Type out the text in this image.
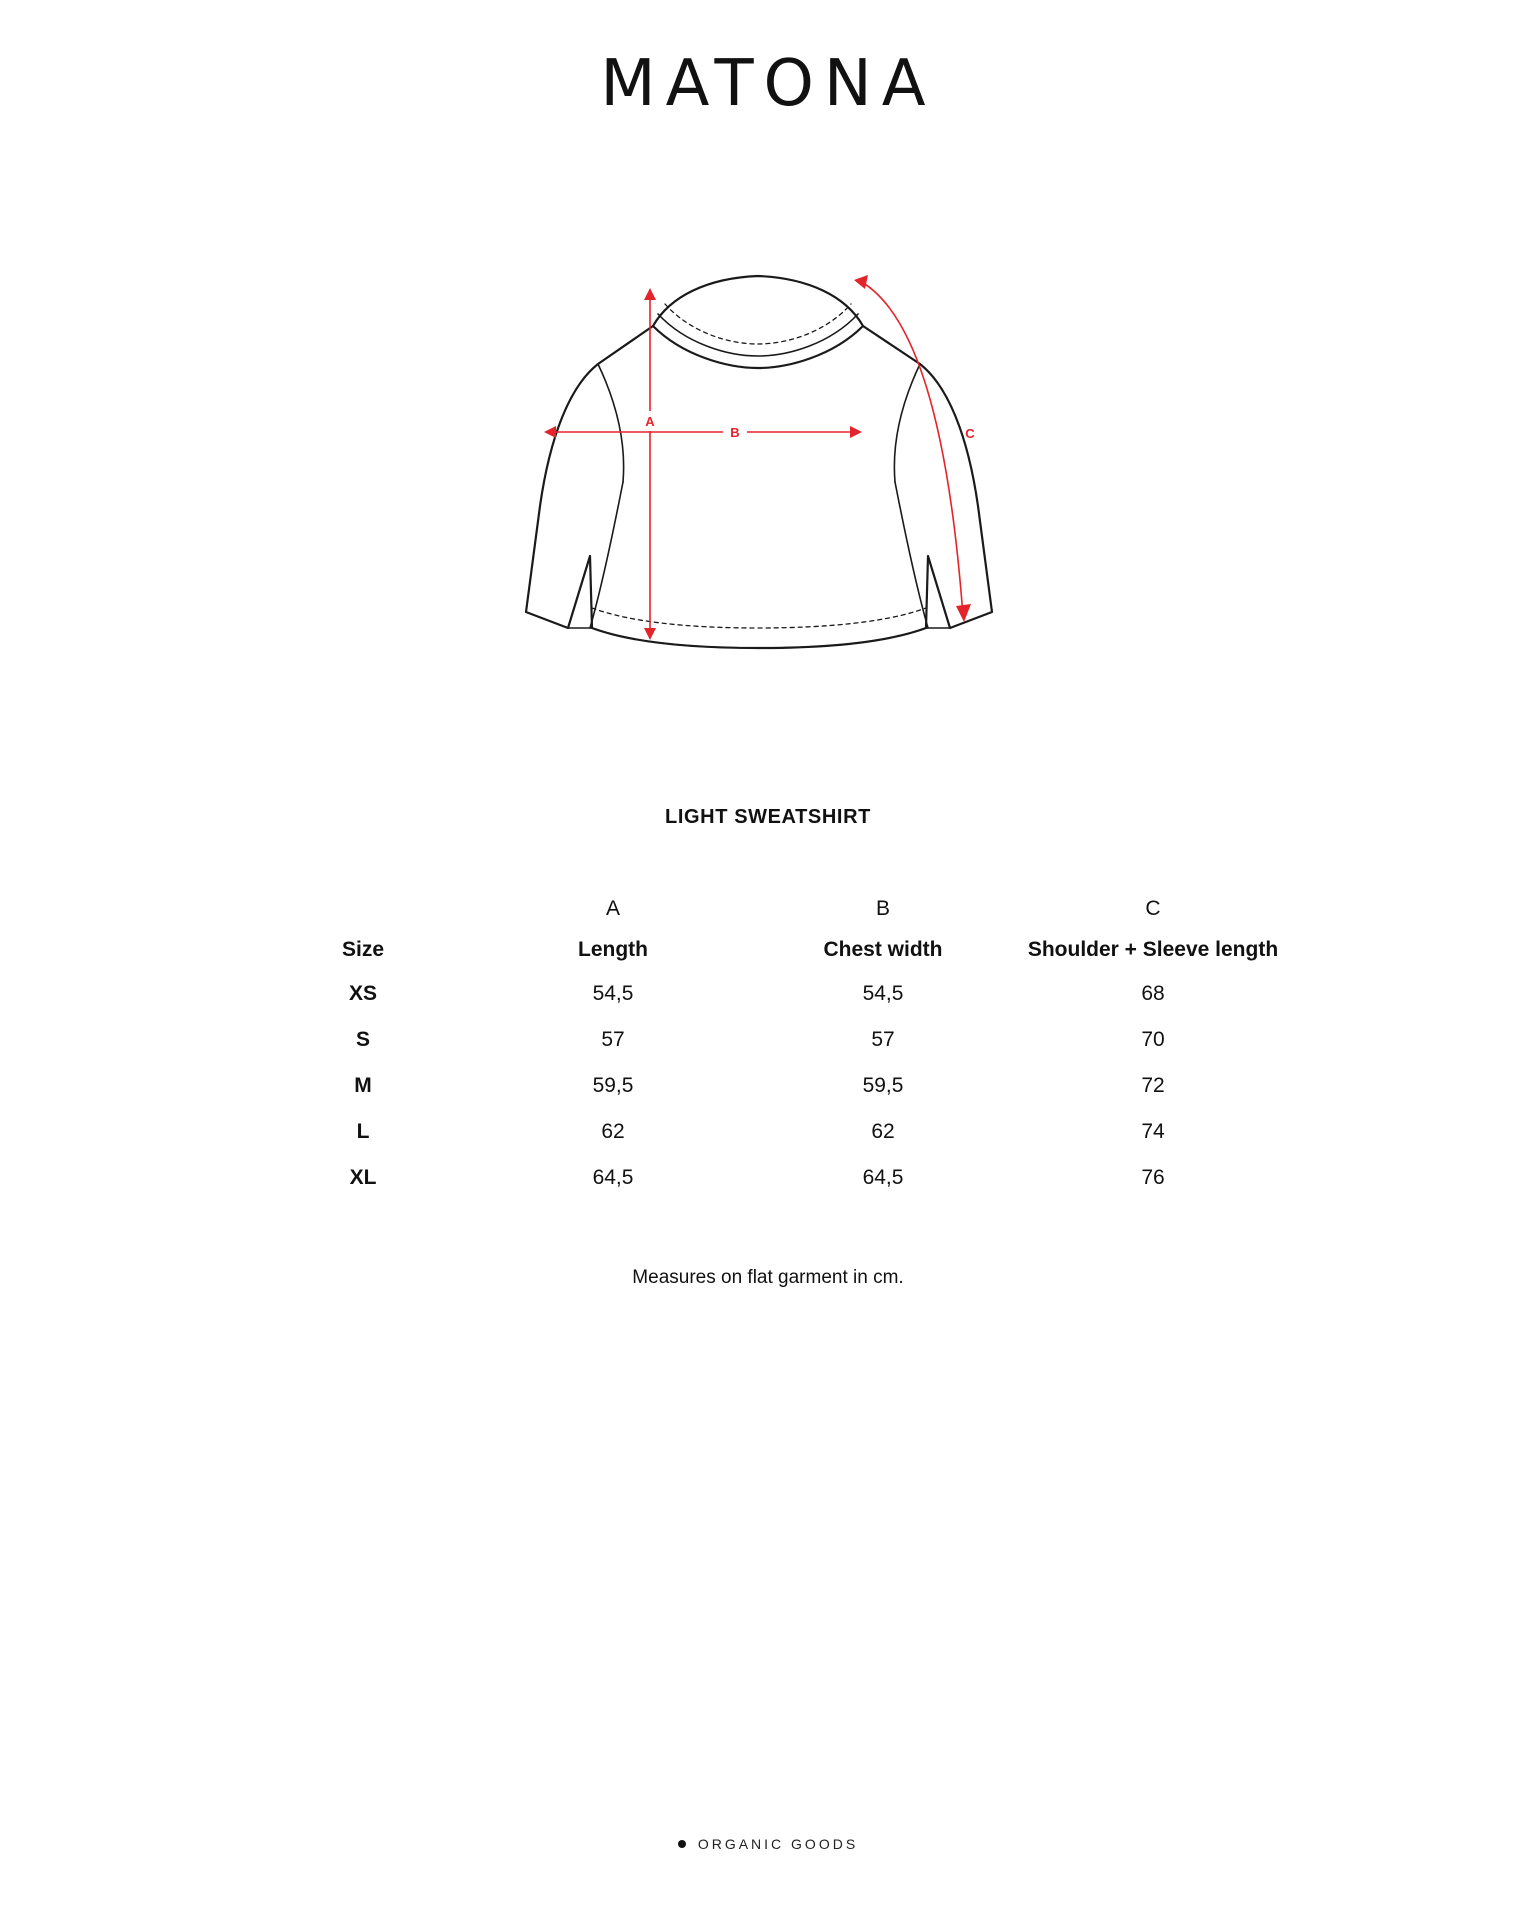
MATONA
A
B	C
LIGHT SWEATSHIRT
	A	B	C
Size	Length	Chest width	Shoulder + Sleeve length
XS	54,5	54,5	68
S	57	57	70
M	59,5	59,5	72
L	62	62	74
XL	64,5	64,5	76
Measures on flat garment in cm.
ORGANIC GOODS
